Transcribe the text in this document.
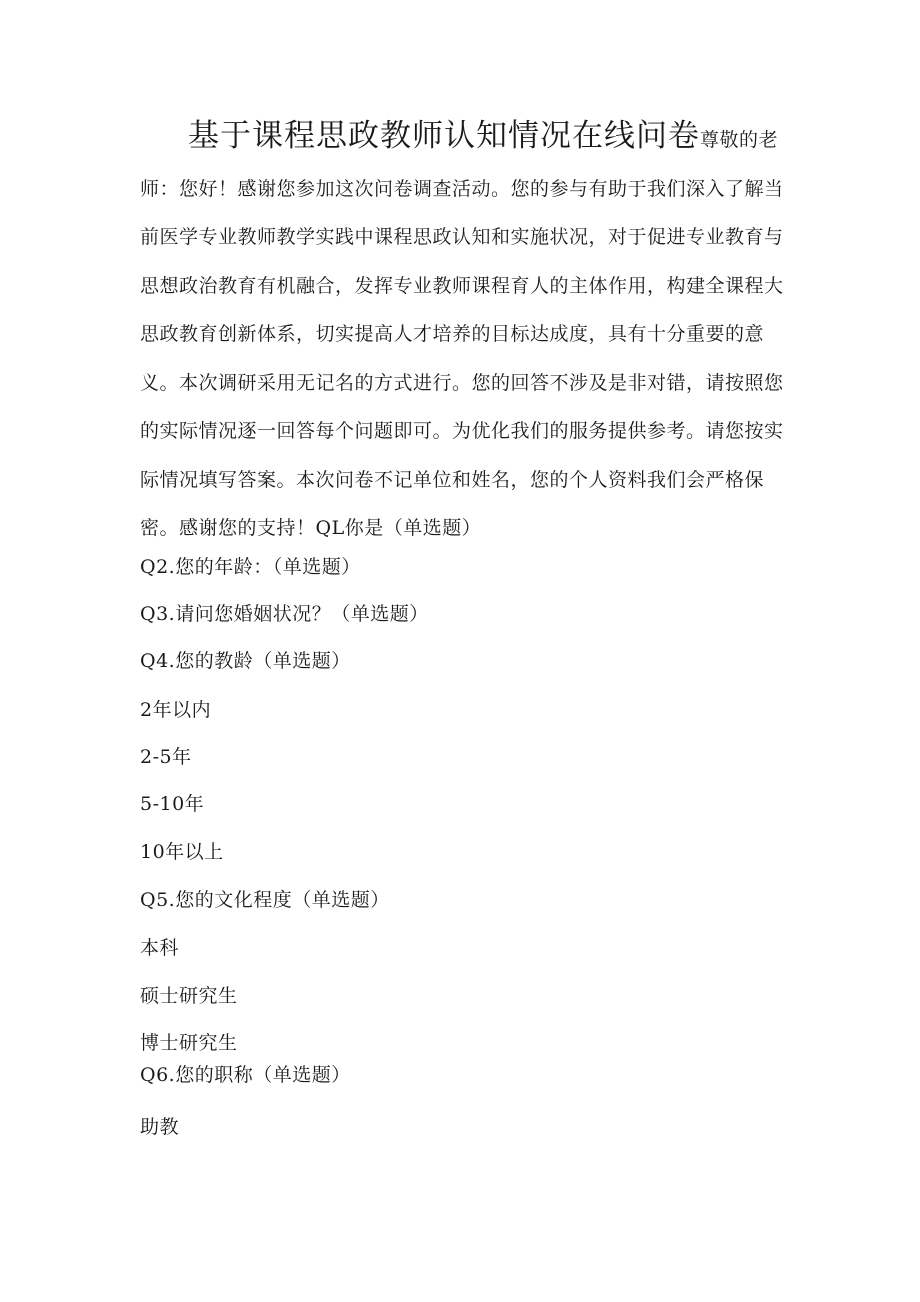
基于课程思政教师认知情况在线问卷尊敬的老师：您好！感谢您参加这次问卷调查活动。您的参与有助于我们深入了解当前医学专业教师教学实践中课程思政认知和实施状况，对于促进专业教育与思想政治教育有机融合，发挥专业教师课程育人的主体作用，构建全课程大思政教育创新体系，切实提高人才培养的目标达成度，具有十分重要的意义。本次调研采用无记名的方式进行。您的回答不涉及是非对错，请按照您的实际情况逐一回答每个问题即可。为优化我们的服务提供参考。请您按实际情况填写答案。本次问卷不记单位和姓名，您的个人资料我们会严格保密。感谢您的支持！QL你是（单选题）

Q2.您的年龄：（单选题）

Q3.请问您婚姻状况？（单选题）

Q4.您的教龄（单选题）

2年以内

2-5年

5-10年

10年以上

Q5.您的文化程度（单选题）

本科

硕士研究生

博士研究生

Q6.您的职称（单选题）

助教
